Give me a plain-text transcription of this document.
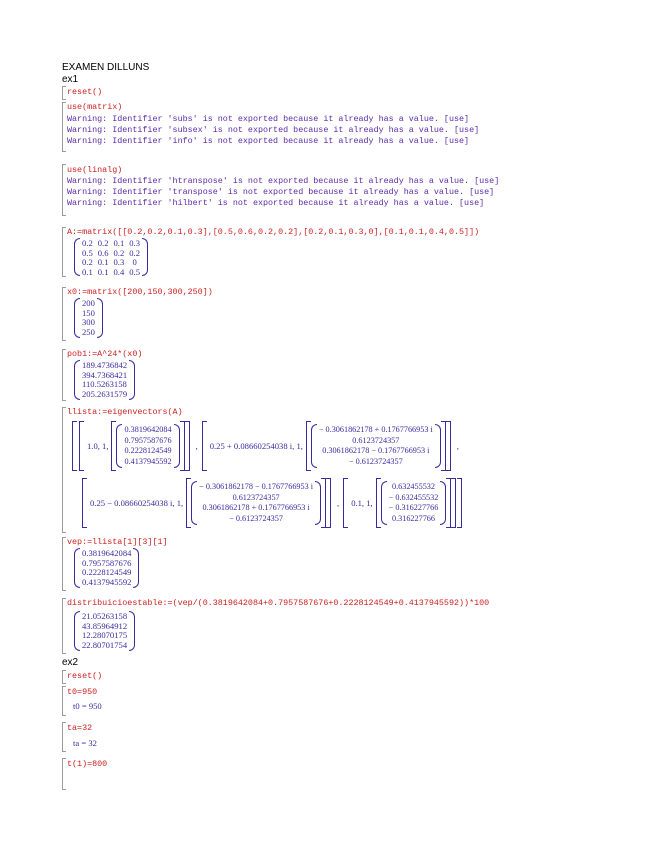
EXAMEN DILLUNS
ex1
reset()
use(matrix)
Warning: Identifier 'subs' is not exported because it already has a value. [use]
Warning: Identifier 'subsex' is not exported because it already has a value. [use]
Warning: Identifier 'info' is not exported because it already has a value. [use]
use(linalg)
Warning: Identifier 'htranspose' is not exported because it already has a value. [use]
Warning: Identifier 'transpose' is not exported because it already has a value. [use]
Warning: Identifier 'hilbert' is not exported because it already has a value. [use]
A:=matrix([[0.2,0.2,0.1,0.3],[0.5,0.6,0.2,0.2],[0.2,0.1,0.3,0],[0.1,0.1,0.4,0.5]])
0.2 0.2 0.1 0.3
0.5 0.6 0.2 0.2
0.2 0.1 0.3 0
0.1 0.1 0.4 0.5
x0:=matrix([200,150,300,250])
200
150
300
250
pob1:=A^24*(x0)
189.4736842
394.7368421
110.5263158
205.2631579
llista:=eigenvectors(A)
1.0, 1,
0.3819642084
0.7957587676
0.2228124549
0.4137945592
, 0.25 + 0.08660254038 i, 1,
− 0.3061862178 + 0.1767766953 i
0.6123724357
0.3061862178 − 0.1767766953 i
− 0.6123724357
,
0.25 − 0.08660254038 i, 1,
− 0.3061862178 − 0.1767766953 i
0.6123724357
0.3061862178 + 0.1767766953 i
− 0.6123724357
, 0.1, 1,
0.632455532
− 0.632455532
− 0.316227766
0.316227766
vep:=llista[1][3][1]
0.3819642084
0.7957587676
0.2228124549
0.4137945592
distribuicioestable:=(vep/(0.3819642084+0.7957587676+0.2228124549+0.4137945592))*100
21.05263158
43.85964912
12.28070175
22.80701754
ex2
reset()
t0=950
t0 = 950
ta=32
ta = 32
t(1)=800
